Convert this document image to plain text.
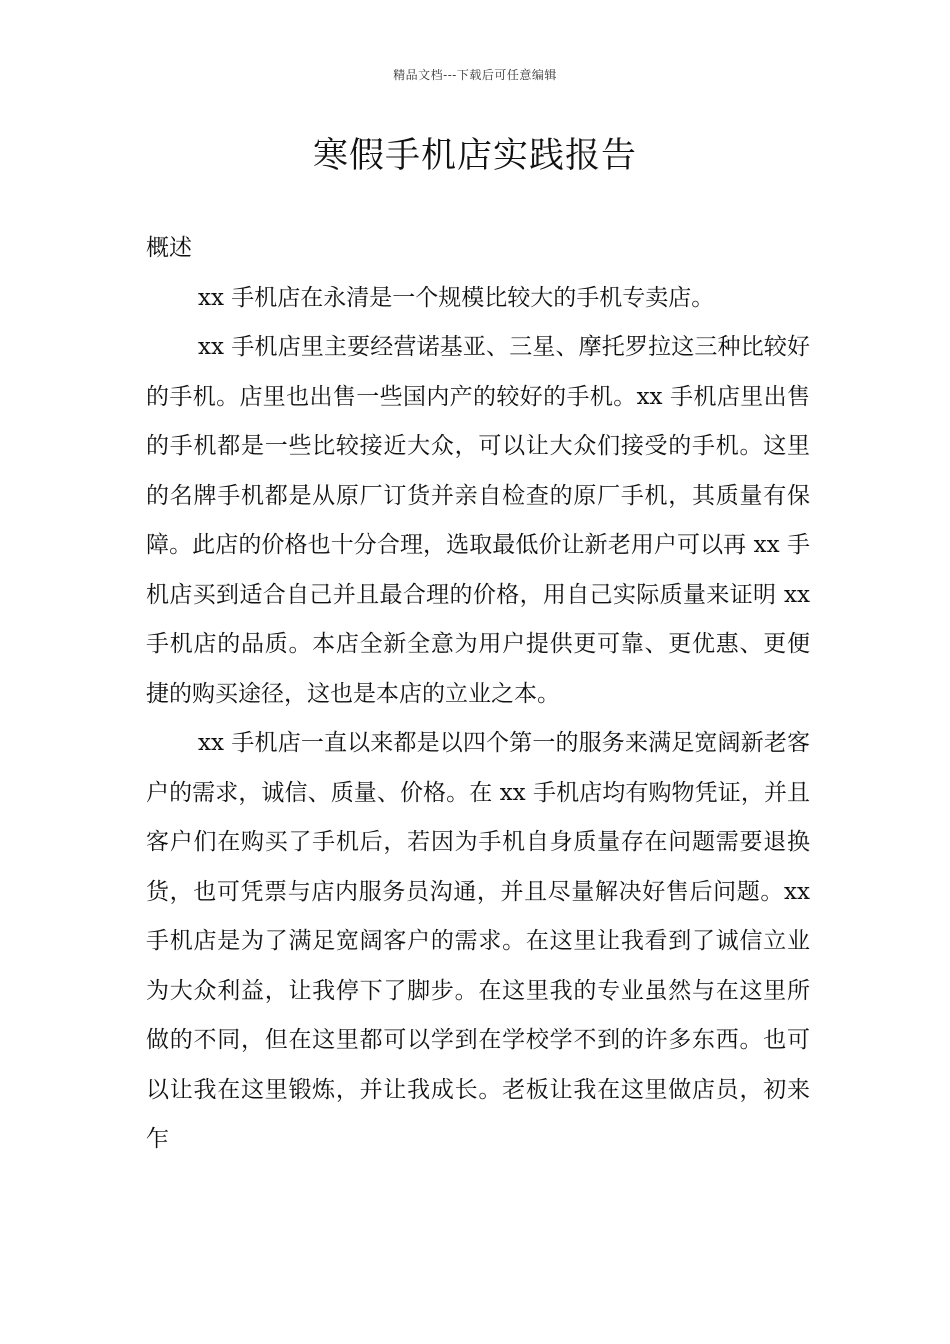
精品文档---下载后可任意编辑
寒假手机店实践报告

概述

xx 手机店在永清是一个规模比较大的手机专卖店。

xx 手机店里主要经营诺基亚、三星、摩托罗拉这三种比较好的手机。店里也出售一些国内产的较好的手机。xx 手机店里出售的手机都是一些比较接近大众，可以让大众们接受的手机。这里的名牌手机都是从原厂订货并亲自检查的原厂手机，其质量有保障。此店的价格也十分合理，选取最低价让新老用户可以再 xx 手机店买到适合自己并且最合理的价格，用自己实际质量来证明 xx 手机店的品质。本店全新全意为用户提供更可靠、更优惠、更便捷的购买途径，这也是本店的立业之本。

xx 手机店一直以来都是以四个第一的服务来满足宽阔新老客户的需求，诚信、质量、价格。在 xx 手机店均有购物凭证，并且客户们在购买了手机后，若因为手机自身质量存在问题需要退换货，也可凭票与店内服务员沟通，并且尽量解决好售后问题。xx 手机店是为了满足宽阔客户的需求。在这里让我看到了诚信立业为大众利益，让我停下了脚步。在这里我的专业虽然与在这里所做的不同，但在这里都可以学到在学校学不到的许多东西。也可以让我在这里锻炼，并让我成长。老板让我在这里做店员，初来乍
